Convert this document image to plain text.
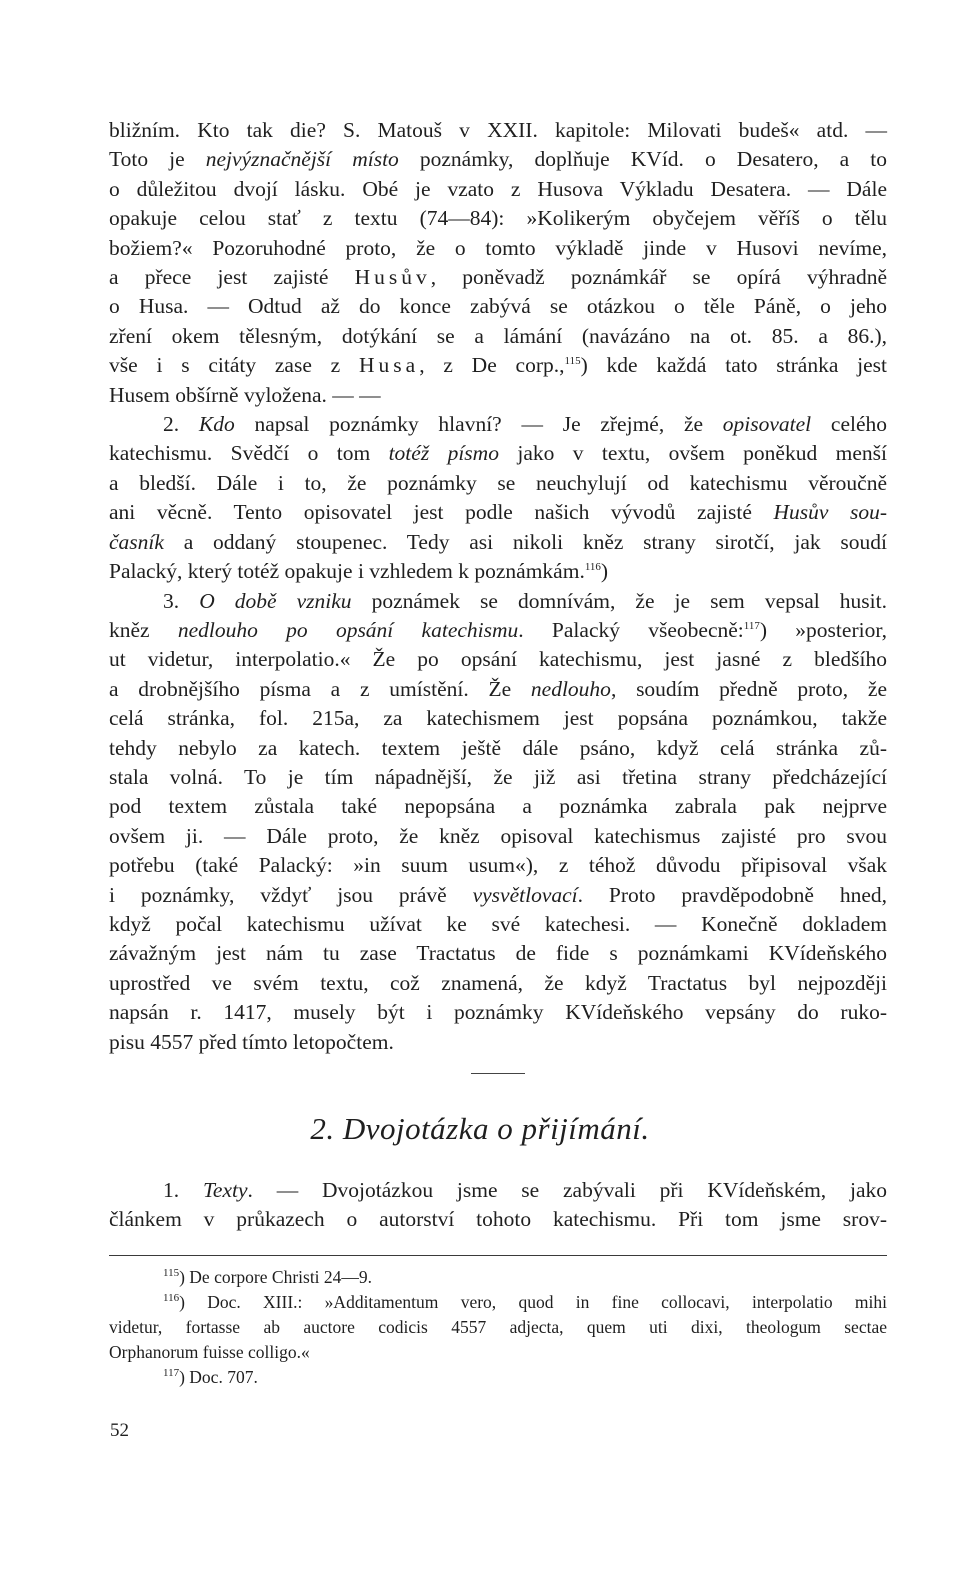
bližním. Kto tak die? S. Matouš v XXII. kapitole: Milovati budeš« atd. —
Toto je nejvýznačnější místo poznámky, doplňuje KVíd. o Desatero, a to
o důležitou dvojí lásku. Obé je vzato z Husova Výkladu Desatera. — Dále
opakuje celou stať z textu (74—84): »Kolikerým obyčejem věříš o tělu
božiem?« Pozoruhodné proto, že o tomto výkladě jinde v Husovi nevíme,
a přece jest zajisté Husův, poněvadž poznámkář se opírá výhradně
o Husa. — Odtud až do konce zabývá se otázkou o těle Páně, o jeho
zření okem tělesným, dotýkání se a lámání (navázáno na ot. 85. a 86.),
vše i s citáty zase z Husa, z De corp.,$^{115}$) kde každá tato stránka jest
Husem obšírně vyložena. — —
2. Kdo napsal poznámky hlavní? — Je zřejmé, že opisovatel celého
katechismu. Svědčí o tom totéž písmo jako v textu, ovšem poněkud menší
a bledší. Dále i to, že poznámky se neuchylují od katechismu věroučně
ani věcně. Tento opisovatel jest podle našich vývodů zajisté Husův sou-
časník a oddaný stoupenec. Tedy asi nikoli kněz strany sirotčí, jak soudí
Palacký, který totéž opakuje i vzhledem k poznámkám.$^{116}$)
3. O době vzniku poznámek se domnívám, že je sem vepsal husit.
kněz nedlouho po opsání katechismu. Palacký všeobecně:$^{117}$) »posterior,
ut videtur, interpolatio.« Že po opsání katechismu, jest jasné z bledšího
a drobnějšího písma a z umístění. Že nedlouho, soudím předně proto, že
celá stránka, fol. 215a, za katechismem jest popsána poznámkou, takže
tehdy nebylo za katech. textem ještě dále psáno, když celá stránka zů-
stala volná. To je tím nápadnější, že již asi třetina strany předcházející
pod textem zůstala také nepopsána a poznámka zabrala pak nejprve
ovšem ji. — Dále proto, že kněz opisoval katechismus zajisté pro svou
potřebu (také Palacký: »in suum usum«), z téhož důvodu připisoval však
i poznámky, vždyť jsou právě vysvětlovací. Proto pravděpodobně hned,
když počal katechismu užívat ke své katechesi. — Konečně dokladem
závažným jest nám tu zase Tractatus de fide s poznámkami KVídeňského
uprostřed ve svém textu, což znamená, že když Tractatus byl nejpozději
napsán r. 1417, musely být i poznámky KVídeňského vepsány do ruko-
pisu 4557 před tímto letopočtem.
2. Dvojotázka o přijímání.
1. Texty. — Dvojotázkou jsme se zabývali při KVídeňském, jako
článkem v průkazech o autorství tohoto katechismu. Při tom jsme srov-
$^{115}$) De corpore Christi 24—9.
$^{116}$) Doc. XIII.: »Additamentum vero, quod in fine collocavi, interpolatio mihi
videtur, fortasse ab auctore codicis 4557 adjecta, quem uti dixi, theologum sectae
Orphanorum fuisse colligo.«
$^{117}$) Doc. 707.
52
